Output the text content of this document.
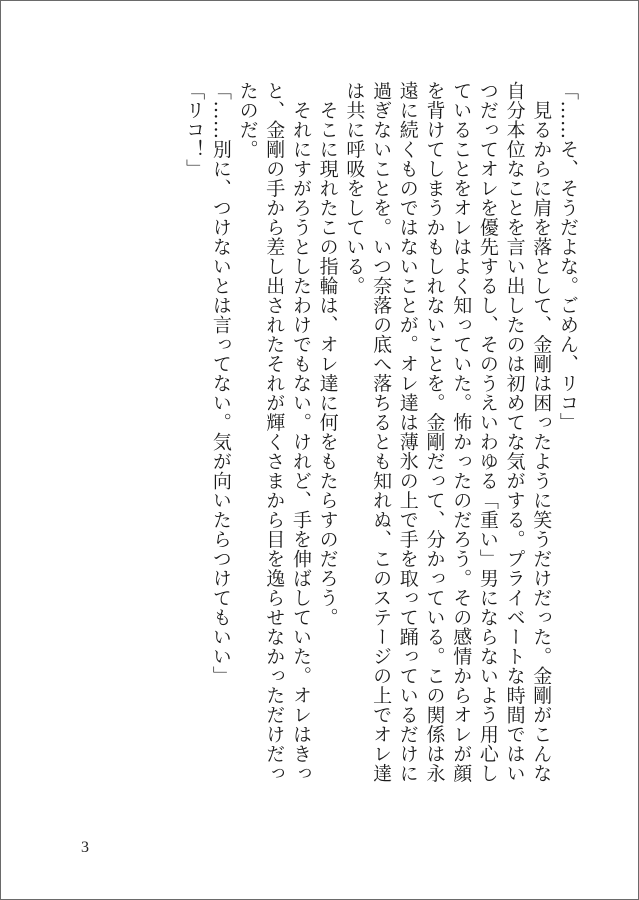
「……そ、そうだよな。ごめん、リコ」

　見るからに肩を落として、金剛は困ったように笑うだけだった。金剛がこんな

自分本位なことを言い出したのは初めてな気がする。プライベートな時間ではい

つだってオレを優先するし、そのうえいわゆる「重い」男にならないよう用心し

ていることをオレはよく知っていた。怖かったのだろう。その感情からオレが顔

を背けてしまうかもしれないことを。金剛だって、分かっている。この関係は永

遠に続くものではないことが。オレ達は薄氷の上で手を取って踊っているだけに

過ぎないことを。いつ奈落の底へ落ちるとも知れぬ、このステージの上でオレ達

は共に呼吸をしている。

　そこに現れたこの指輪は、オレ達に何をもたらすのだろう。

　それにすがろうとしたわけでもない。けれど、手を伸ばしていた。オレはきっ

と、金剛の手から差し出されたそれが輝くさまから目を逸らせなかっただけだっ

たのだ。

「……別に、つけないとは言ってない。気が向いたらつけてもいい」

「リコ！」

3
